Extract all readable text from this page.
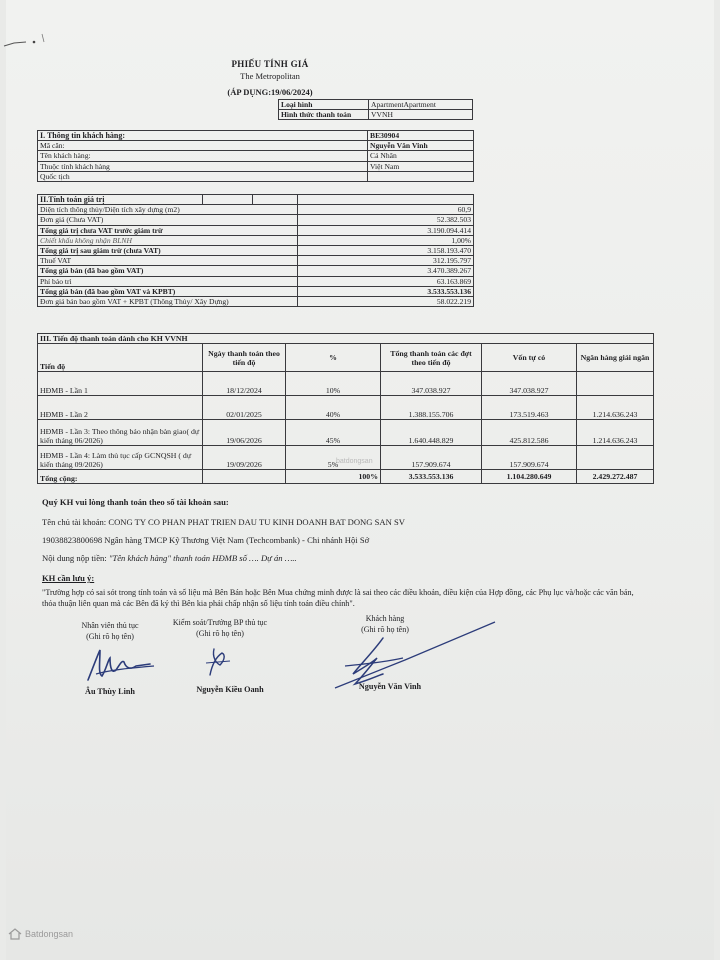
PHIẾU TÍNH GIÁ
The Metropolitan
(ÁP DỤNG:19/06/2024)
Loại hình	ApartmentApartment
Hình thức thanh toán	VVNH
I. Thông tin khách hàng:	BE30904
Mã căn:	Nguyễn Văn Vinh
Tên khách hàng:	Cá Nhân
Thuộc tính khách hàng	Việt Nam
Quốc tịch	
II.Tính toán giá trị			
Diện tích thông thủy/Diện tích xây dựng (m2)			60,9
Đơn giá (Chưa VAT)			52.382.503
Tổng giá trị chưa VAT trước giảm trừ			3.190.094.414
Chiết khấu không nhận BLNH			1,00%
Tổng giá trị sau giảm trừ (chưa VAT)			3.158.193.470
Thuế VAT			312.195.797
Tổng giá bán (đã bao gồm VAT)			3.470.389.267
Phí bảo trì			63.163.869
Tổng giá bán (đã bao gồm VAT và KPBT)			3.533.553.136
Đơn giá bán bao gồm VAT + KPBT (Thông Thủy/ Xây Dựng)			58.022.219
III. Tiến độ thanh toán dành cho KH VVNH					
Tiến độ	Ngày thanh toán theo tiến độ	%	Tổng thanh toán các đợt theo tiến độ	Vốn tự có	Ngân hàng giải ngân
HĐMB - Lần 1	18/12/2024	10%	347.038.927	347.038.927	
HĐMB - Lần 2	02/01/2025	40%	1.388.155.706	173.519.463	1.214.636.243
HĐMB - Lần 3: Theo thông báo nhận bàn giao( dự kiến tháng 06/2026)	19/06/2026	45%	1.640.448.829	425.812.586	1.214.636.243
HĐMB - Lần 4: Làm thủ tục cấp GCNQSH ( dự kiến tháng 09/2026)	19/09/2026	5%	157.909.674	157.909.674	
Tổng cộng:		100%	3.533.553.136	1.104.280.649	2.429.272.487
Quý KH vui lòng thanh toán theo số tài khoản sau:
Tên chủ tài khoản: CONG TY CO PHAN PHAT TRIEN DAU TU KINH DOANH BAT DONG SAN SV
19038823800698 Ngân hàng TMCP Kỹ Thương Việt Nam (Techcombank) - Chi nhánh Hội Sở
Nội dung nộp tiền: "Tên khách hàng" thanh toán HĐMB số …. Dự án …..
KH cần lưu ý:
"Trường hợp có sai sót trong tính toán và số liệu mà Bên Bán hoặc Bên Mua chứng minh được là sai theo các điều khoản, điều kiện của Hợp đồng, các Phụ lục và/hoặc các văn bản, thỏa thuận liên quan mà các Bên đã ký thì Bên kia phải chấp nhận số liệu tính toán điều chỉnh".
Nhân viên thủ tục
(Ghi rõ họ tên)
Kiểm soát/Trưởng BP thủ tục
(Ghi rõ họ tên)
Khách hàng
(Ghi rõ họ tên)
Âu Thùy Linh	Nguyễn Kiều Oanh	Nguyễn Văn Vinh
batdongsan
Batdongsan
